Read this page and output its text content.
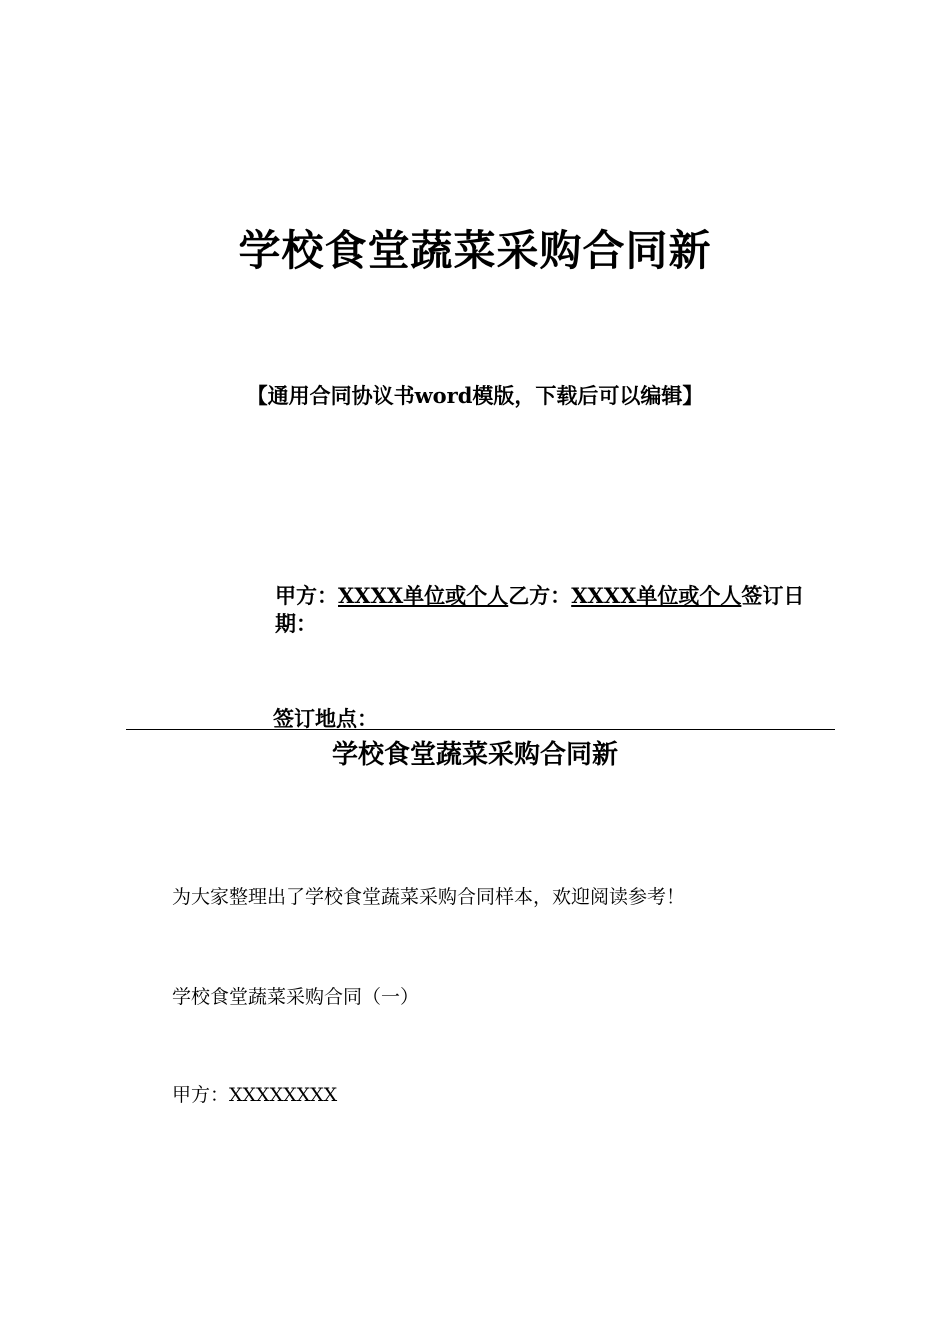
学校食堂蔬菜采购合同新
【通用合同协议书word模版，下载后可以编辑】
甲方：XXXX单位或个人乙方：XXXX单位或个人签订日期：
签订地点：
学校食堂蔬菜采购合同新
为大家整理出了学校食堂蔬菜采购合同样本，欢迎阅读参考！
学校食堂蔬菜采购合同（一）
甲方：XXXXXXXX
